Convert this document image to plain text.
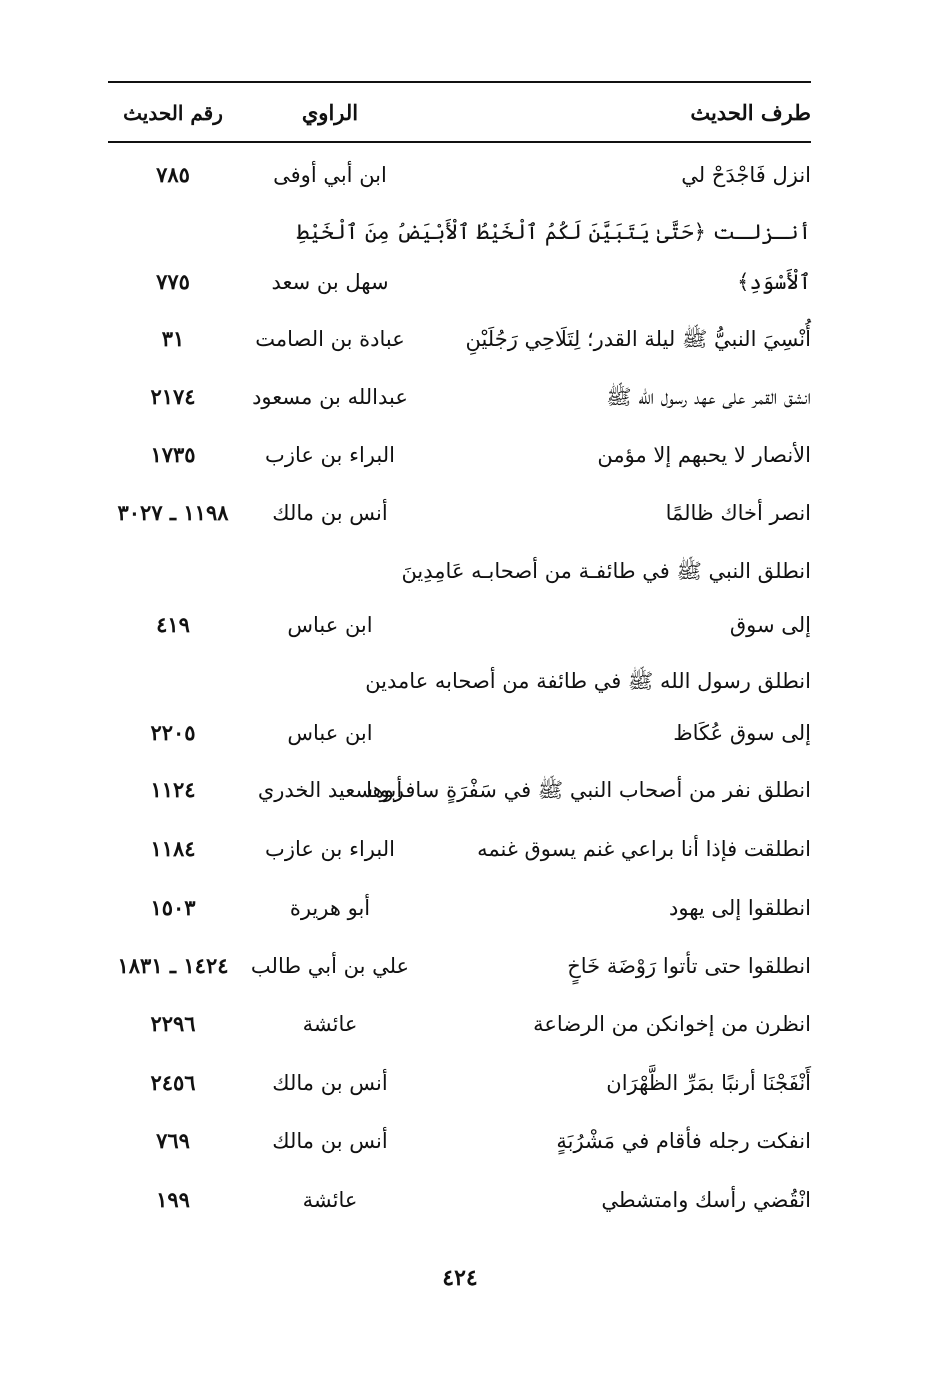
طرف الحديث
الراوي
رقم الحديث
انزل فَاجْدَحْ لي
ابن أبي أوفى
٧٨٥
أنـزلـت ﴿حَتَّىٰ يَتَبَيَّنَ لَكُمُ ٱلْخَيْطُ ٱلْأَبْيَضُ مِنَ ٱلْخَيْطِ
ٱلْأَسْوَدِ﴾
سهل بن سعد
٧٧٥
أُنْسِيَ النبيُّ ﷺ ليلة القدر؛ لِتَلَاحِي رَجُلَيْنِ
عبادة بن الصامت
٣١
انشق القمر على عهد رسول الله ﷺ
عبدالله بن مسعود
٢١٧٤
الأنصار لا يحبهم إلا مؤمن
البراء بن عازب
١٧٣٥
انصر أخاك ظالمًا
أنس بن مالك
١١٩٨ ـ ٣٠٢٧
انطلق النبي ﷺ في طائفـة من أصحابـه عَامِدِينَ
إلى سوق
ابن عباس
٤١٩
انطلق رسول الله ﷺ في طائفة من أصحابه عامدين
إلى سوق عُكَاظ
ابن عباس
٢٢٠٥
انطلق نفر من أصحاب النبي ﷺ في سَفْرَةٍ سافروها
أبو سعيد الخدري
١١٢٤
انطلقت فإذا أنا براعي غنم يسوق غنمه
البراء بن عازب
١١٨٤
انطلقوا إلى يهود
أبو هريرة
١٥٠٣
انطلقوا حتى تأتوا رَوْضَة خَاخٍ
علي بن أبي طالب
١٤٢٤ ـ ١٨٣١
انظرن من إخوانكن من الرضاعة
عائشة
٢٢٩٦
أَنْفَجْنَا أرنبًا بمَرِّ الظَّهْرَان
أنس بن مالك
٢٤٥٦
انفكت رجله فأقام في مَشْرُبَةٍ
أنس بن مالك
٧٦٩
انْقُضي رأسك وامتشطي
عائشة
١٩٩
٤٢٤
